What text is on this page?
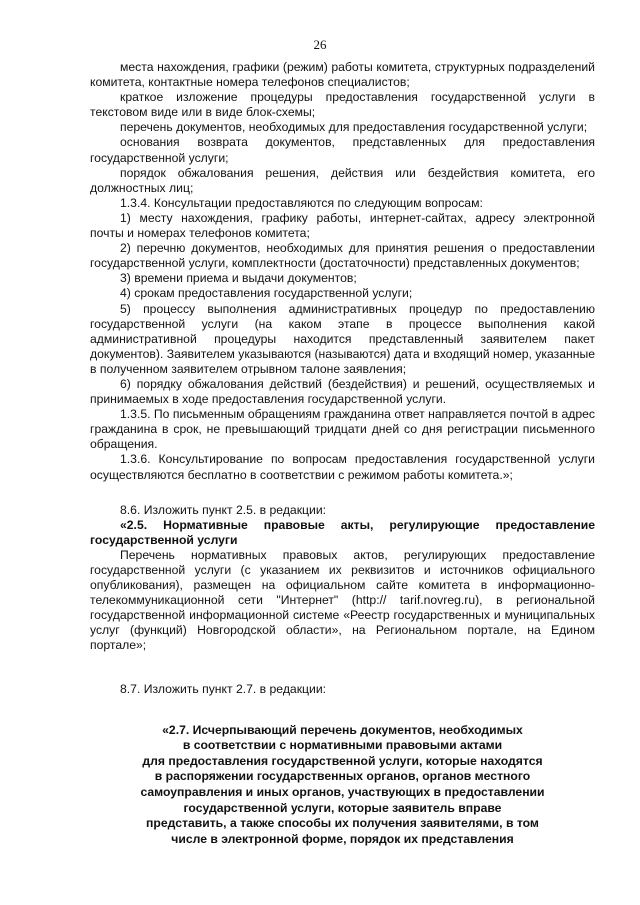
26

места нахождения, графики (режим) работы комитета, структурных подразделений комитета, контактные номера телефонов специалистов;

краткое изложение процедуры предоставления государственной услуги в текстовом виде или в виде блок-схемы;

перечень документов, необходимых для предоставления государственной услуги;

основания возврата документов, представленных для предоставления государственной услуги;

порядок обжалования решения, действия или бездействия комитета, его должностных лиц;

1.3.4. Консультации предоставляются по следующим вопросам:

1) месту нахождения, графику работы, интернет-сайтах, адресу электронной почты и номерах телефонов комитета;

2) перечню документов, необходимых для принятия решения о предоставлении государственной услуги, комплектности (достаточности) представленных документов;

3) времени приема и выдачи документов;

4) срокам предоставления государственной услуги;

5) процессу выполнения административных процедур по предоставлению государственной услуги (на каком этапе в процессе выполнения какой административной процедуры находится представленный заявителем пакет документов). Заявителем указываются (называются) дата и входящий номер, указанные в полученном заявителем отрывном талоне заявления;

6) порядку обжалования действий (бездействия) и решений, осуществляемых и принимаемых в ходе предоставления государственной услуги.

1.3.5. По письменным обращениям гражданина ответ направляется почтой в адрес гражданина в срок, не превышающий тридцати дней со дня регистрации письменного обращения.

1.3.6. Консультирование по вопросам предоставления государственной услуги осуществляются бесплатно в соответствии с режимом работы комитета.»;

8.6. Изложить пункт 2.5. в редакции:

«2.5. Нормативные правовые акты, регулирующие предоставление государственной услуги

Перечень нормативных правовых актов, регулирующих предоставление государственной услуги (с указанием их реквизитов и источников официального опубликования), размещен на официальном сайте комитета в информационно-телекоммуникационной сети "Интернет" (http:// tarif.novreg.ru), в региональной государственной информационной системе «Реестр государственных и муниципальных услуг (функций) Новгородской области», на Региональном портале, на Едином портале»;

8.7. Изложить пункт 2.7. в редакции:

«2.7. Исчерпывающий перечень документов, необходимых
в соответствии с нормативными правовыми актами
для предоставления государственной услуги, которые находятся
в распоряжении государственных органов, органов местного
самоуправления и иных органов, участвующих в предоставлении
государственной услуги, которые заявитель вправе
представить, а также способы их получения заявителями, в том
числе в электронной форме, порядок их представления
